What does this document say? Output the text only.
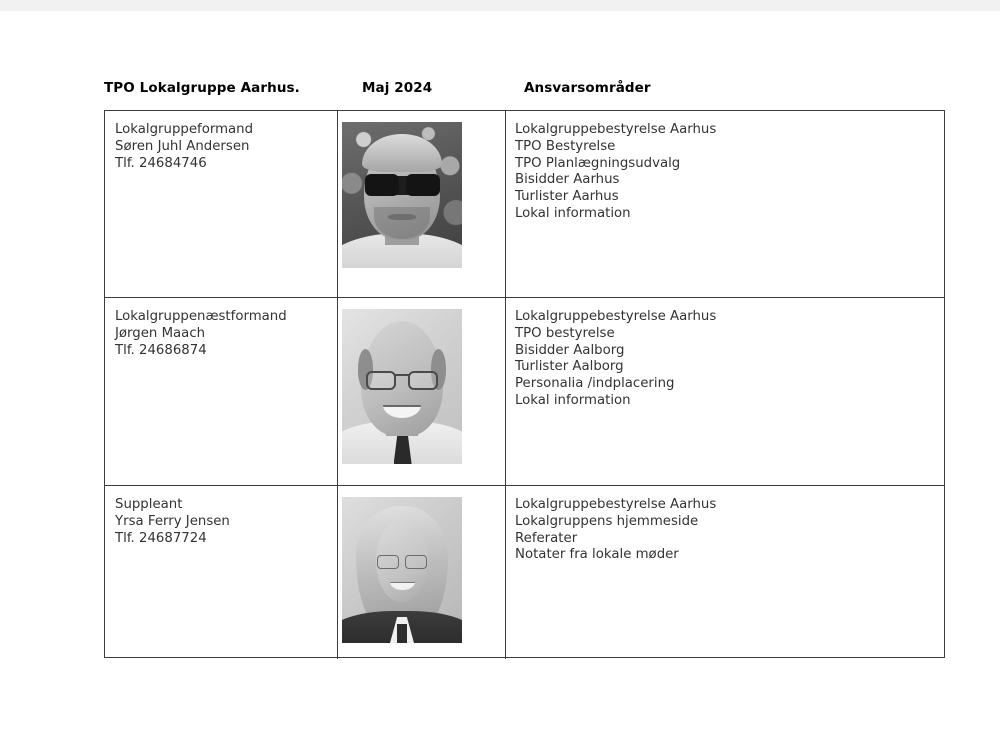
TPO Lokalgruppe Aarhus.	Maj 2024	Ansvarsområder
Lokalgruppeformand
Søren Juhl Andersen
Tlf. 24684746
Lokalgruppebestyrelse Aarhus
TPO Bestyrelse
TPO Planlægningsudvalg
Bisidder Aarhus
Turlister Aarhus
Lokal information
Lokalgruppenæstformand
Jørgen Maach
Tlf. 24686874
Lokalgruppebestyrelse Aarhus
TPO bestyrelse
Bisidder Aalborg
Turlister Aalborg
Personalia /indplacering
Lokal information
Suppleant
Yrsa Ferry Jensen
Tlf. 24687724
Lokalgruppebestyrelse Aarhus
Lokalgruppens hjemmeside
Referater
Notater fra lokale møder
